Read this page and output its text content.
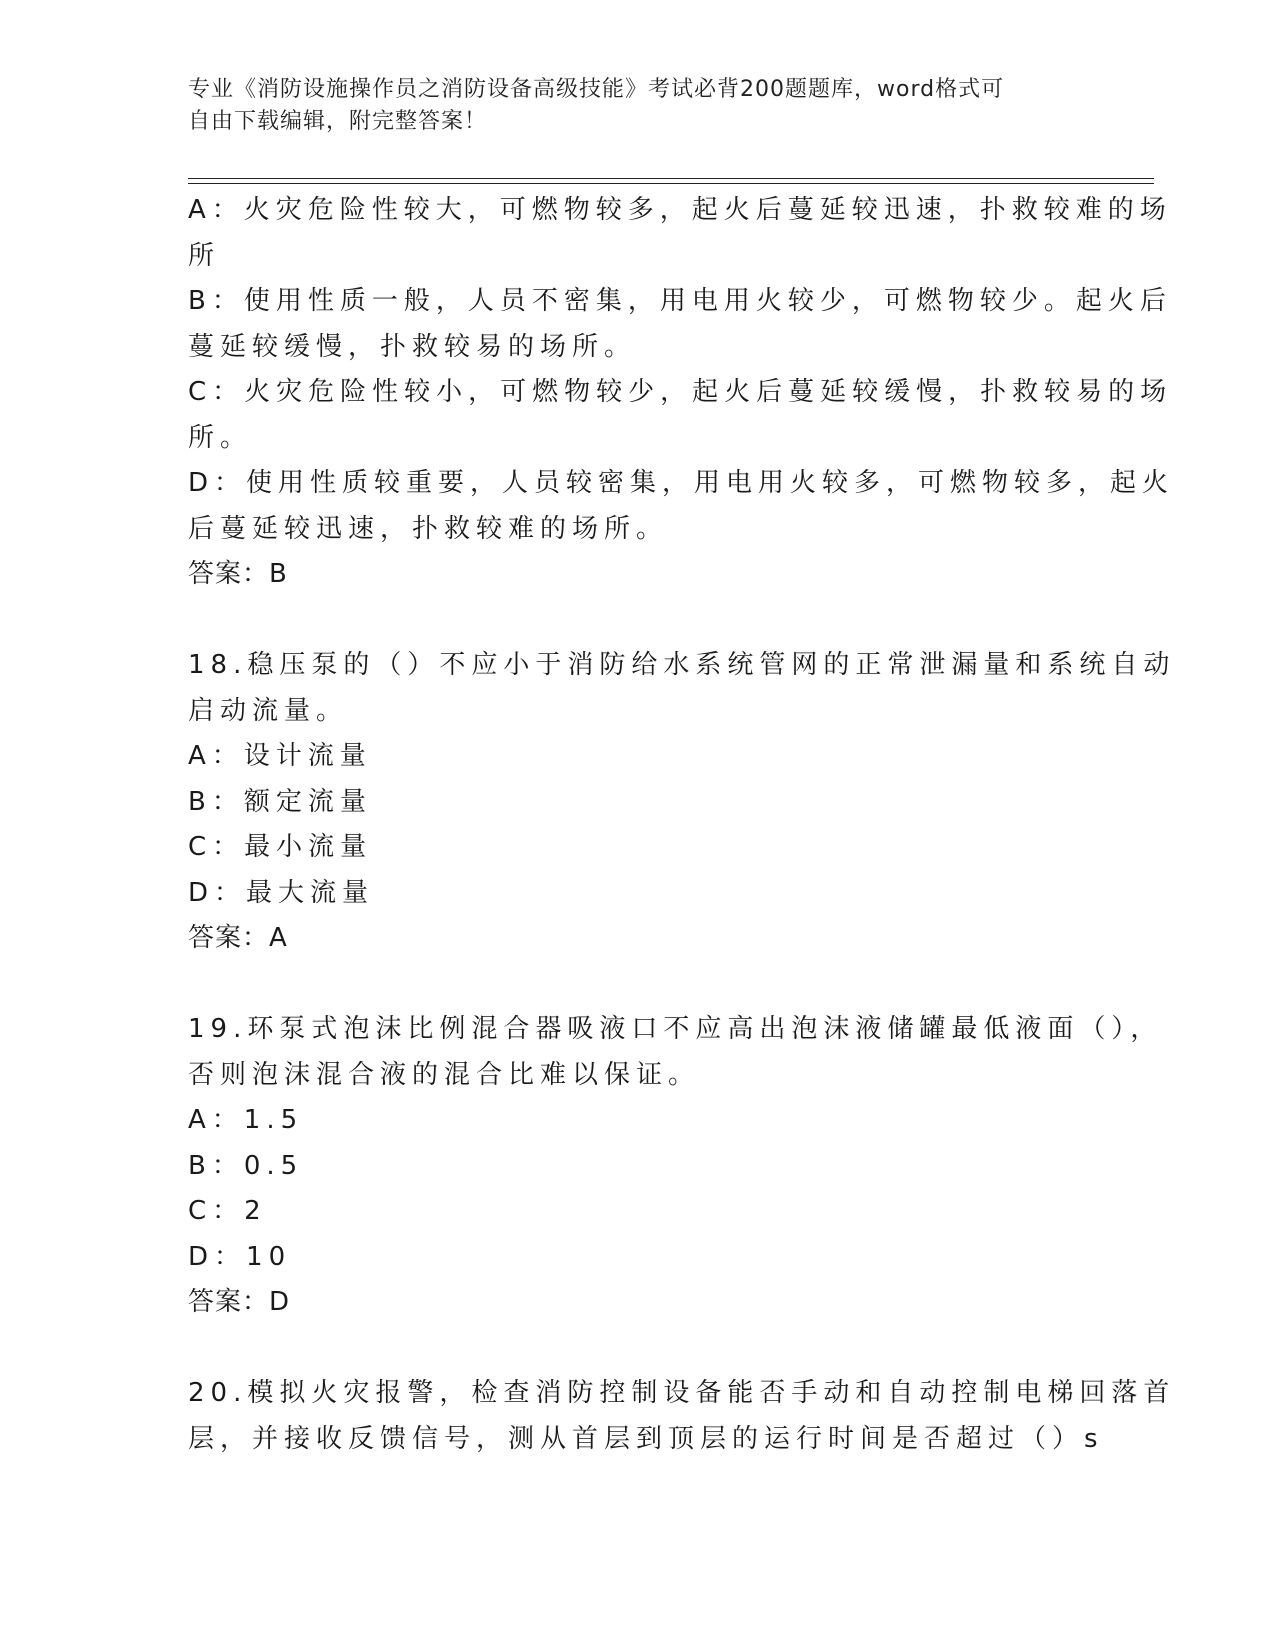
专业《消防设施操作员之消防设备高级技能》考试必背200题题库，word格式可
自由下载编辑，附完整答案！
A：火灾危险性较大，可燃物较多，起火后蔓延较迅速，扑救较难的场
所
B：使用性质一般，人员不密集，用电用火较少，可燃物较少。起火后
蔓延较缓慢，扑救较易的场所。
C：火灾危险性较小，可燃物较少，起火后蔓延较缓慢，扑救较易的场
所。
D：使用性质较重要，人员较密集，用电用火较多，可燃物较多，起火
后蔓延较迅速，扑救较难的场所。
答案：B
18.稳压泵的（）不应小于消防给水系统管网的正常泄漏量和系统自动
启动流量。
A：设计流量
B：额定流量
C：最小流量
D：最大流量
答案：A
19.环泵式泡沫比例混合器吸液口不应高出泡沫液储罐最低液面（），
否则泡沫混合液的混合比难以保证。
A：1.5
B：0.5
C：2
D：10
答案：D
20.模拟火灾报警，检查消防控制设备能否手动和自动控制电梯回落首
层，并接收反馈信号，测从首层到顶层的运行时间是否超过（）s
